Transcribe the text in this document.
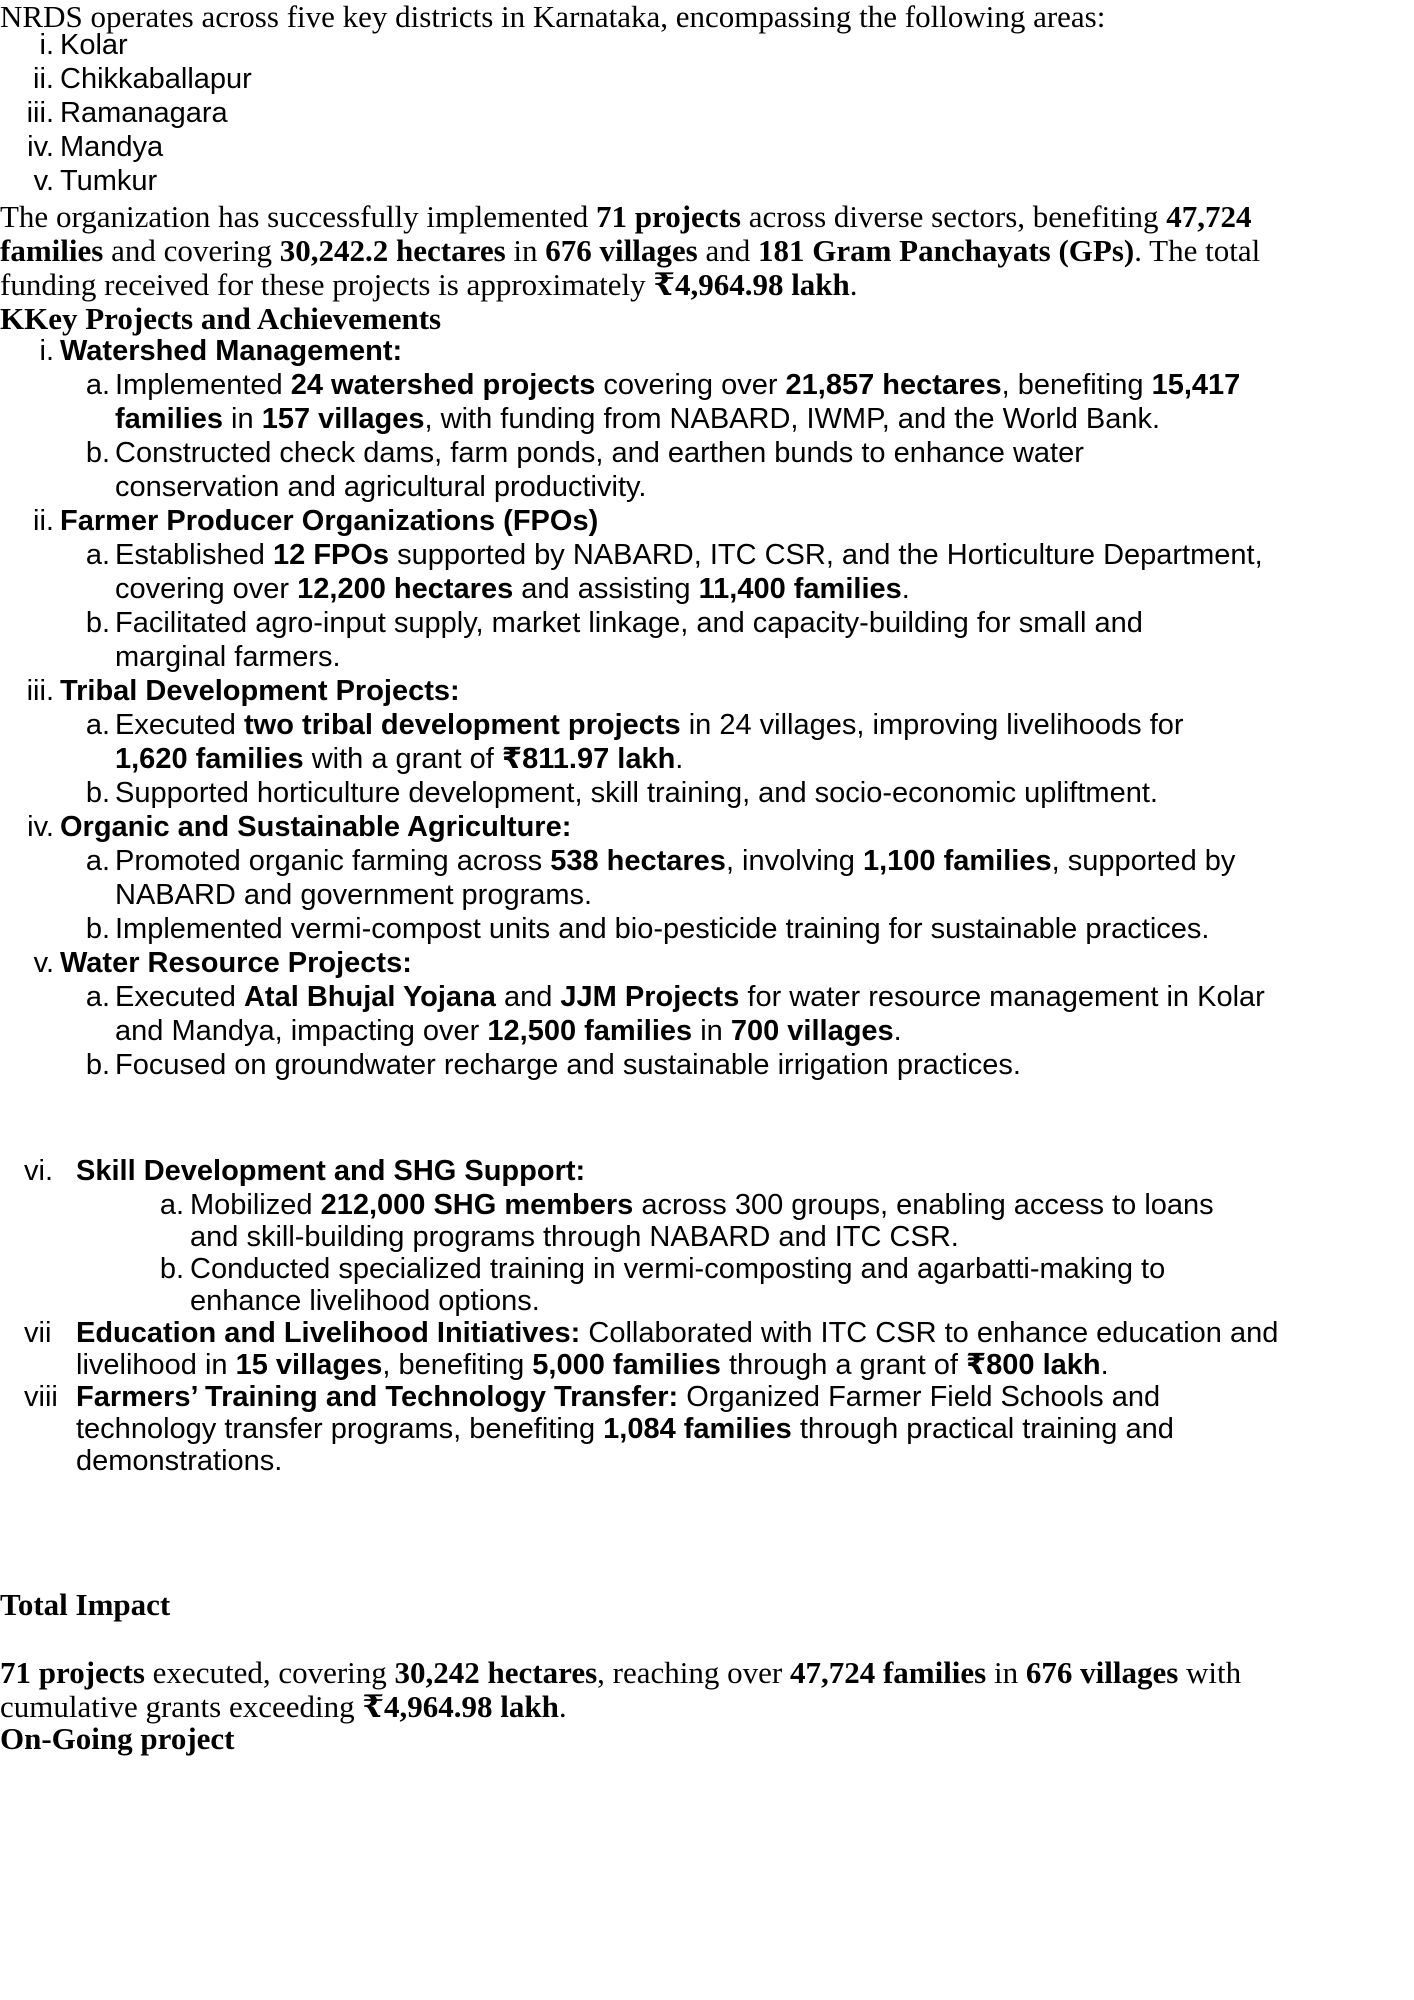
NRDS operates across five key districts in Karnataka, encompassing the following areas:
i. Kolar
ii. Chikkaballapur
iii. Ramanagara
iv. Mandya
v. Tumkur
The organization has successfully implemented 71 projects across diverse sectors, benefiting 47,724
families and covering 30,242.2 hectares in 676 villages and 181 Gram Panchayats (GPs). The total
funding received for these projects is approximately ₹4,964.98 lakh.
KKey Projects and Achievements
i. Watershed Management:
a. Implemented 24 watershed projects covering over 21,857 hectares, benefiting 15,417
families in 157 villages, with funding from NABARD, IWMP, and the World Bank.
b. Constructed check dams, farm ponds, and earthen bunds to enhance water
conservation and agricultural productivity.
ii. Farmer Producer Organizations (FPOs)
a. Established 12 FPOs supported by NABARD, ITC CSR, and the Horticulture Department,
covering over 12,200 hectares and assisting 11,400 families.
b. Facilitated agro-input supply, market linkage, and capacity-building for small and
marginal farmers.
iii. Tribal Development Projects:
a. Executed two tribal development projects in 24 villages, improving livelihoods for
1,620 families with a grant of ₹811.97 lakh.
b. Supported horticulture development, skill training, and socio-economic upliftment.
iv. Organic and Sustainable Agriculture:
a. Promoted organic farming across 538 hectares, involving 1,100 families, supported by
NABARD and government programs.
b. Implemented vermi-compost units and bio-pesticide training for sustainable practices.
v. Water Resource Projects:
a. Executed Atal Bhujal Yojana and JJM Projects for water resource management in Kolar
and Mandya, impacting over 12,500 families in 700 villages.
b. Focused on groundwater recharge and sustainable irrigation practices.
vi. Skill Development and SHG Support:
a. Mobilized 212,000 SHG members across 300 groups, enabling access to loans
and skill-building programs through NABARD and ITC CSR.
b. Conducted specialized training in vermi-composting and agarbatti-making to
enhance livelihood options.
vii Education and Livelihood Initiatives: Collaborated with ITC CSR to enhance education and
livelihood in 15 villages, benefiting 5,000 families through a grant of ₹800 lakh.
viii Farmers’ Training and Technology Transfer: Organized Farmer Field Schools and
technology transfer programs, benefiting 1,084 families through practical training and
demonstrations.
Total Impact
71 projects executed, covering 30,242 hectares, reaching over 47,724 families in 676 villages with
cumulative grants exceeding ₹4,964.98 lakh.
On-Going project
